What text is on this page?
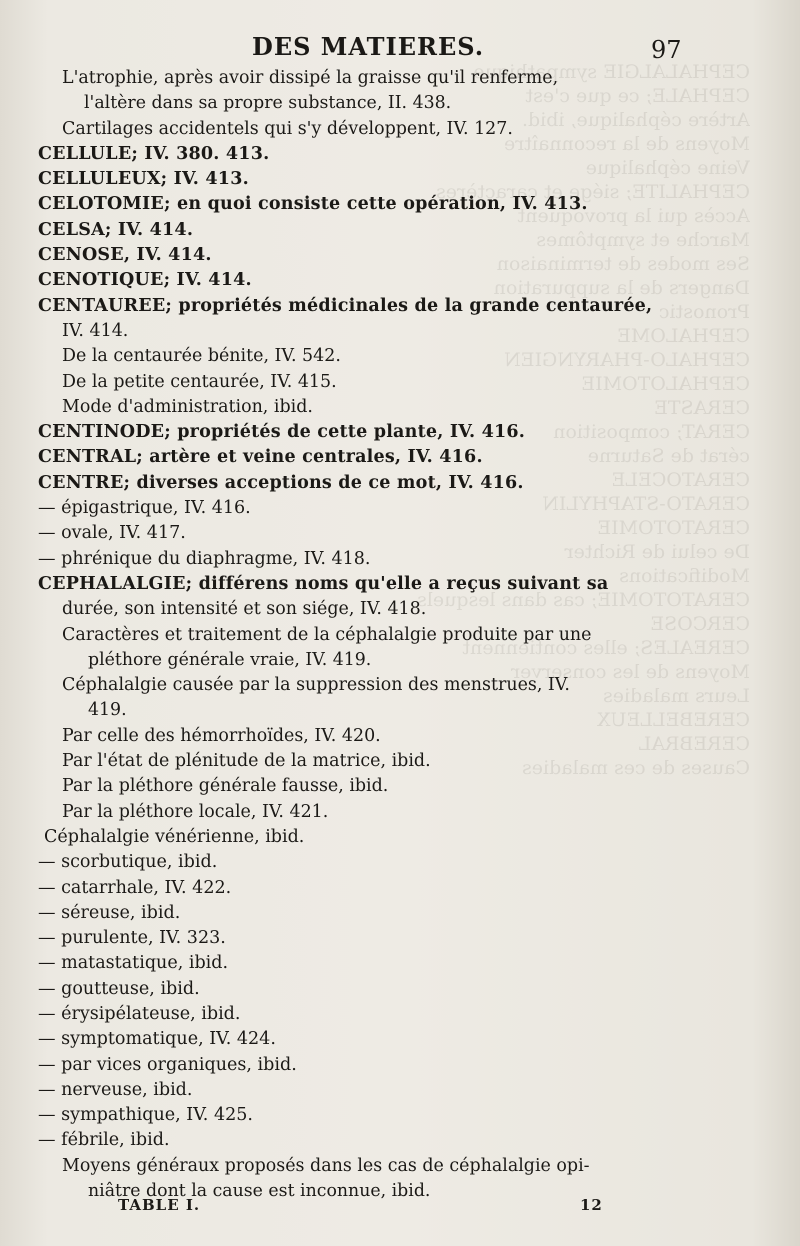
CEPHALALGIE sympathique
CEPHALE; ce que c'est
Artère céphalique, ibid.
Moyens de la reconnaître
Veine céphalique
CEPHALITE; siége et caractères
Accès qui la provoquent
Marche et symptômes
Ses modes de terminaison
Dangers de la suppuration
Pronostic
CEPHALOME
CEPHALO-PHARYNGIEN
CEPHALOTOMIE
CERASTE
CERAT; composition
cérat de Saturne
CERATOCELE
CERATO-STAPHYLIN
CERATOTOMIE
De celui de Richter
Modifications
CERATOTOMIE; cas dans lesquels
CERCOSE
CEREALES; elles contiennent
Moyens de les conserver
Leurs maladies
CEREBELLEUX
CEREBRAL
Causes de ces maladies
DES MATIERES.	97
L'atrophie, après avoir dissipé la graisse qu'il renferme,
l'altère dans sa propre substance, II. 438.
Cartilages accidentels qui s'y développent, IV. 127.
CELLULE; IV. 380. 413.
CELLULEUX; IV. 413.
CELOTOMIE; en quoi consiste cette opération, IV. 413.
CELSA; IV. 414.
CENOSE, IV. 414.
CENOTIQUE; IV. 414.
CENTAUREE; propriétés médicinales de la grande centaurée,
IV. 414.
De la centaurée bénite, IV. 542.
De la petite centaurée, IV. 415.
Mode d'administration, ibid.
CENTINODE; propriétés de cette plante, IV. 416.
CENTRAL; artère et veine centrales, IV. 416.
CENTRE; diverses acceptions de ce mot, IV. 416.
— épigastrique, IV. 416.
— ovale, IV. 417.
— phrénique du diaphragme, IV. 418.
CEPHALALGIE; différens noms qu'elle a reçus suivant sa
durée, son intensité et son siége, IV. 418.
Caractères et traitement de la céphalalgie produite par une
pléthore générale vraie, IV. 419.
Céphalalgie causée par la suppression des menstrues, IV.
419.
Par celle des hémorrhoïdes, IV. 420.
Par l'état de plénitude de la matrice, ibid.
Par la pléthore générale fausse, ibid.
Par la pléthore locale, IV. 421.
Céphalalgie vénérienne, ibid.
— scorbutique, ibid.
— catarrhale, IV. 422.
— séreuse, ibid.
— purulente, IV. 323.
— matastatique, ibid.
— goutteuse, ibid.
— érysipélateuse, ibid.
— symptomatique, IV. 424.
— par vices organiques, ibid.
— nerveuse, ibid.
— sympathique, IV. 425.
— fébrile, ibid.
Moyens généraux proposés dans les cas de céphalalgie opi-
niâtre dont la cause est inconnue, ibid.
TABLE I.	12
